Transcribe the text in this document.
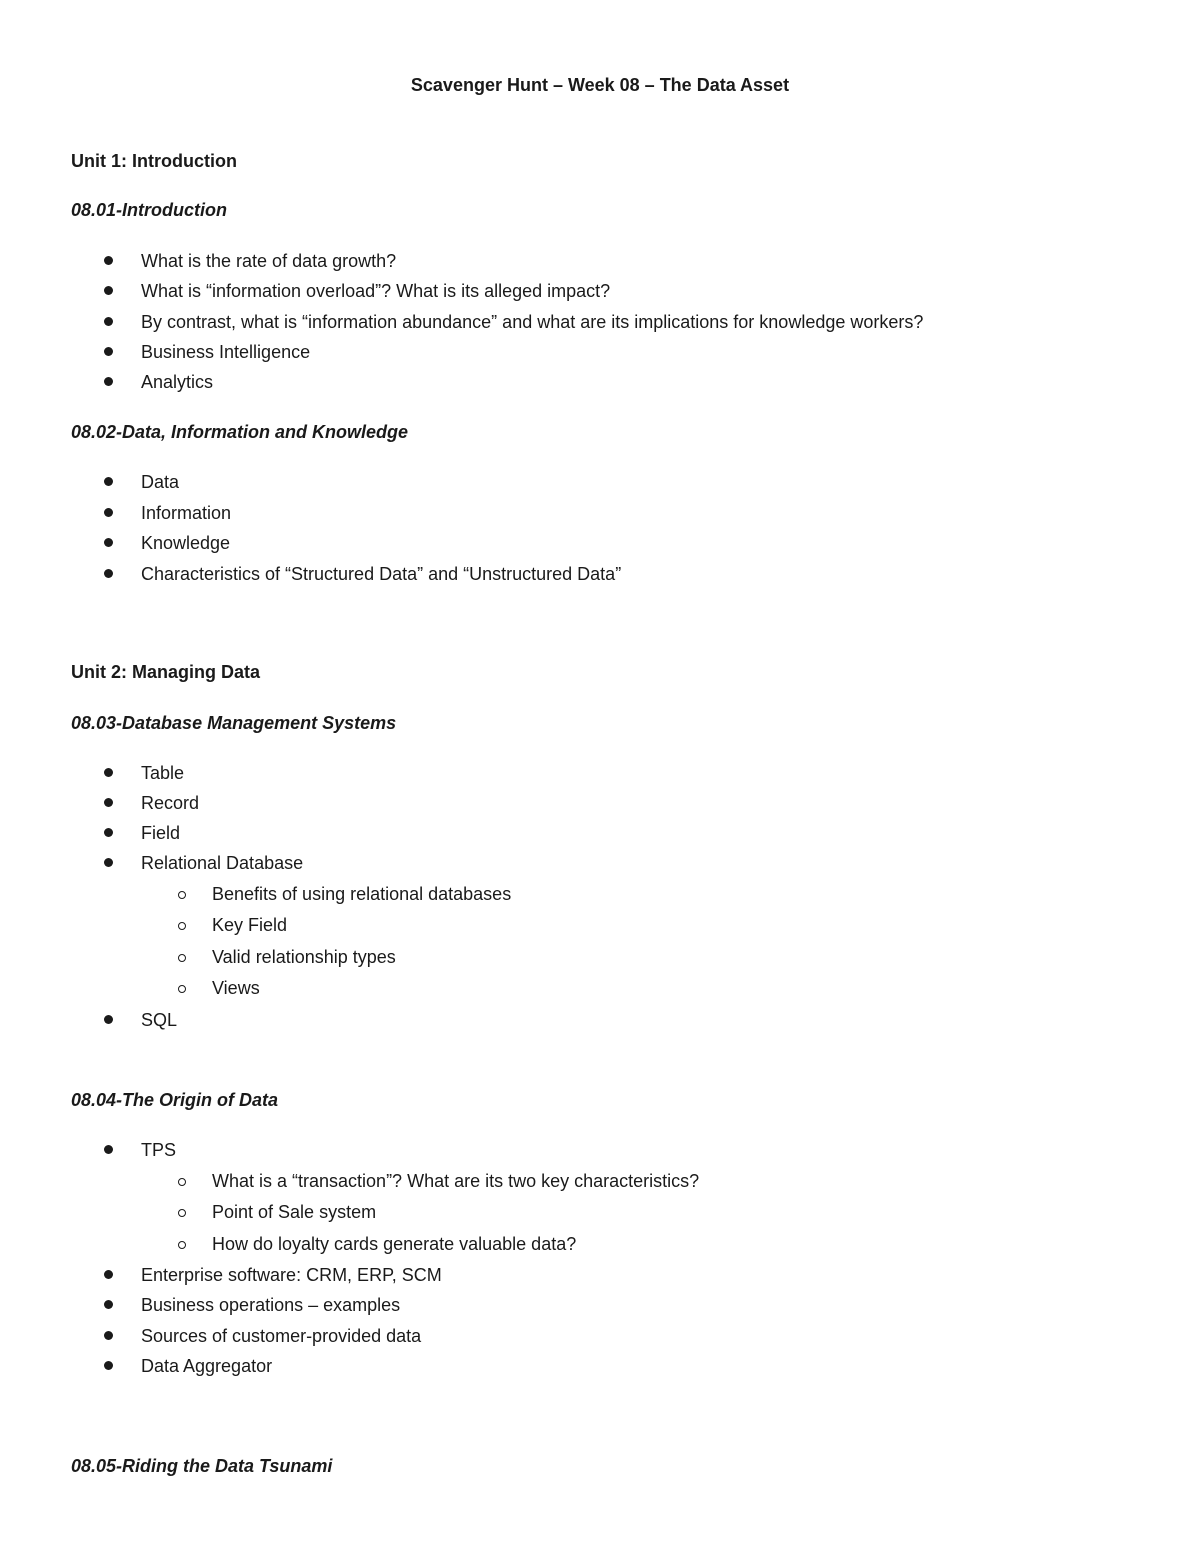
Scavenger Hunt – Week 08 – The Data Asset
Unit 1: Introduction
08.01-Introduction
What is the rate of data growth?
What is “information overload”? What is its alleged impact?
By contrast, what is “information abundance” and what are its implications for knowledge workers?
Business Intelligence
Analytics
08.02-Data, Information and Knowledge
Data
Information
Knowledge
Characteristics of “Structured Data” and “Unstructured Data”
Unit 2: Managing Data
08.03-Database Management Systems
Table
Record
Field
Relational Database
Benefits of using relational databases
Key Field
Valid relationship types
Views
SQL
08.04-The Origin of Data
TPS
What is a “transaction”? What are its two key characteristics?
Point of Sale system
How do loyalty cards generate valuable data?
Enterprise software: CRM, ERP, SCM
Business operations – examples
Sources of customer-provided data
Data Aggregator
08.05-Riding the Data Tsunami
